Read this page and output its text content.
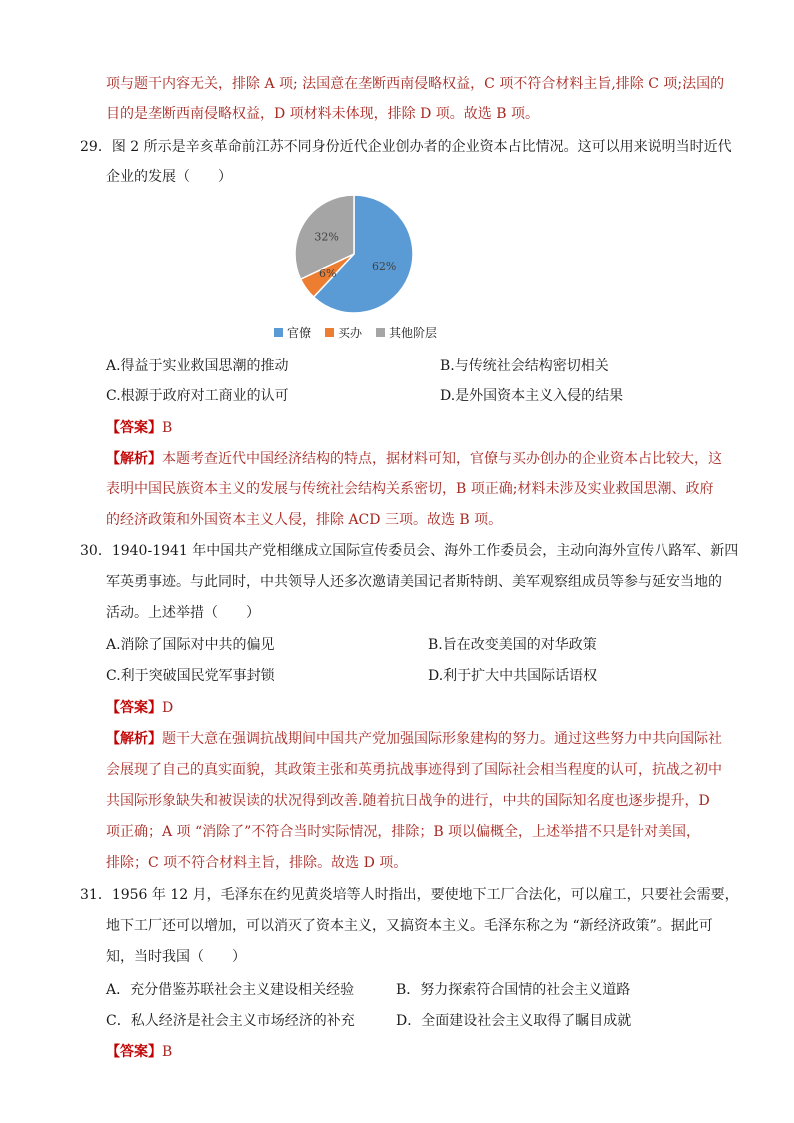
项与题干内容无关，排除 A 项; 法国意在垄断西南侵略权益，C 项不符合材料主旨,排除 C 项;法国的
目的是垄断西南侵略权益，D 项材料未体现，排除 D 项。故选 B 项。
29．图 2 所示是辛亥革命前江苏不同身份近代企业创办者的企业资本占比情况。这可以用来说明当时近代
企业的发展（　　）
62%
6%
32%
官僚 买办 其他阶层
A.得益于实业救国思潮的推动	B.与传统社会结构密切相关
C.根源于政府对工商业的认可	D.是外国资本主义入侵的结果
【答案】B
【解析】本题考查近代中国经济结构的特点，据材料可知，官僚与买办创办的企业资本占比较大，这
表明中国民族资本主义的发展与传统社会结构关系密切，B 项正确;材料未涉及实业救国思潮、政府
的经济政策和外国资本主义人侵，排除 ACD 三项。故选 B 项。
30．1940-1941 年中国共产党相继成立国际宣传委员会、海外工作委员会，主动向海外宣传八路军、新四
军英勇事迹。与此同时，中共领导人还多次邀请美国记者斯特朗、美军观察组成员等参与延安当地的
活动。上述举措（　　）
A.消除了国际对中共的偏见	B.旨在改变美国的对华政策
C.利于突破国民党军事封锁	D.利于扩大中共国际话语权
【答案】D
【解析】题干大意在强调抗战期间中国共产党加强国际形象建构的努力。通过这些努力中共向国际社
会展现了自己的真实面貌，其政策主张和英勇抗战事迹得到了国际社会相当程度的认可，抗战之初中
共国际形象缺失和被误读的状况得到改善.随着抗日战争的进行，中共的国际知名度也逐步提升，D
项正确；A 项 “消除了”不符合当时实际情况，排除；B 项以偏概全，上述举措不只是针对美国，
排除；C 项不符合材料主旨，排除。故选 D 项。
31．1956 年 12 月，毛泽东在约见黄炎培等人时指出，要使地下工厂合法化，可以雇工，只要社会需要，
地下工厂还可以增加，可以消灭了资本主义，又搞资本主义。毛泽东称之为 “新经济政策”。据此可
知，当时我国（　　）
A．充分借鉴苏联社会主义建设相关经验	B．努力探索符合国情的社会主义道路
C．私人经济是社会主义市场经济的补充	D．全面建设社会主义取得了瞩目成就
【答案】B
